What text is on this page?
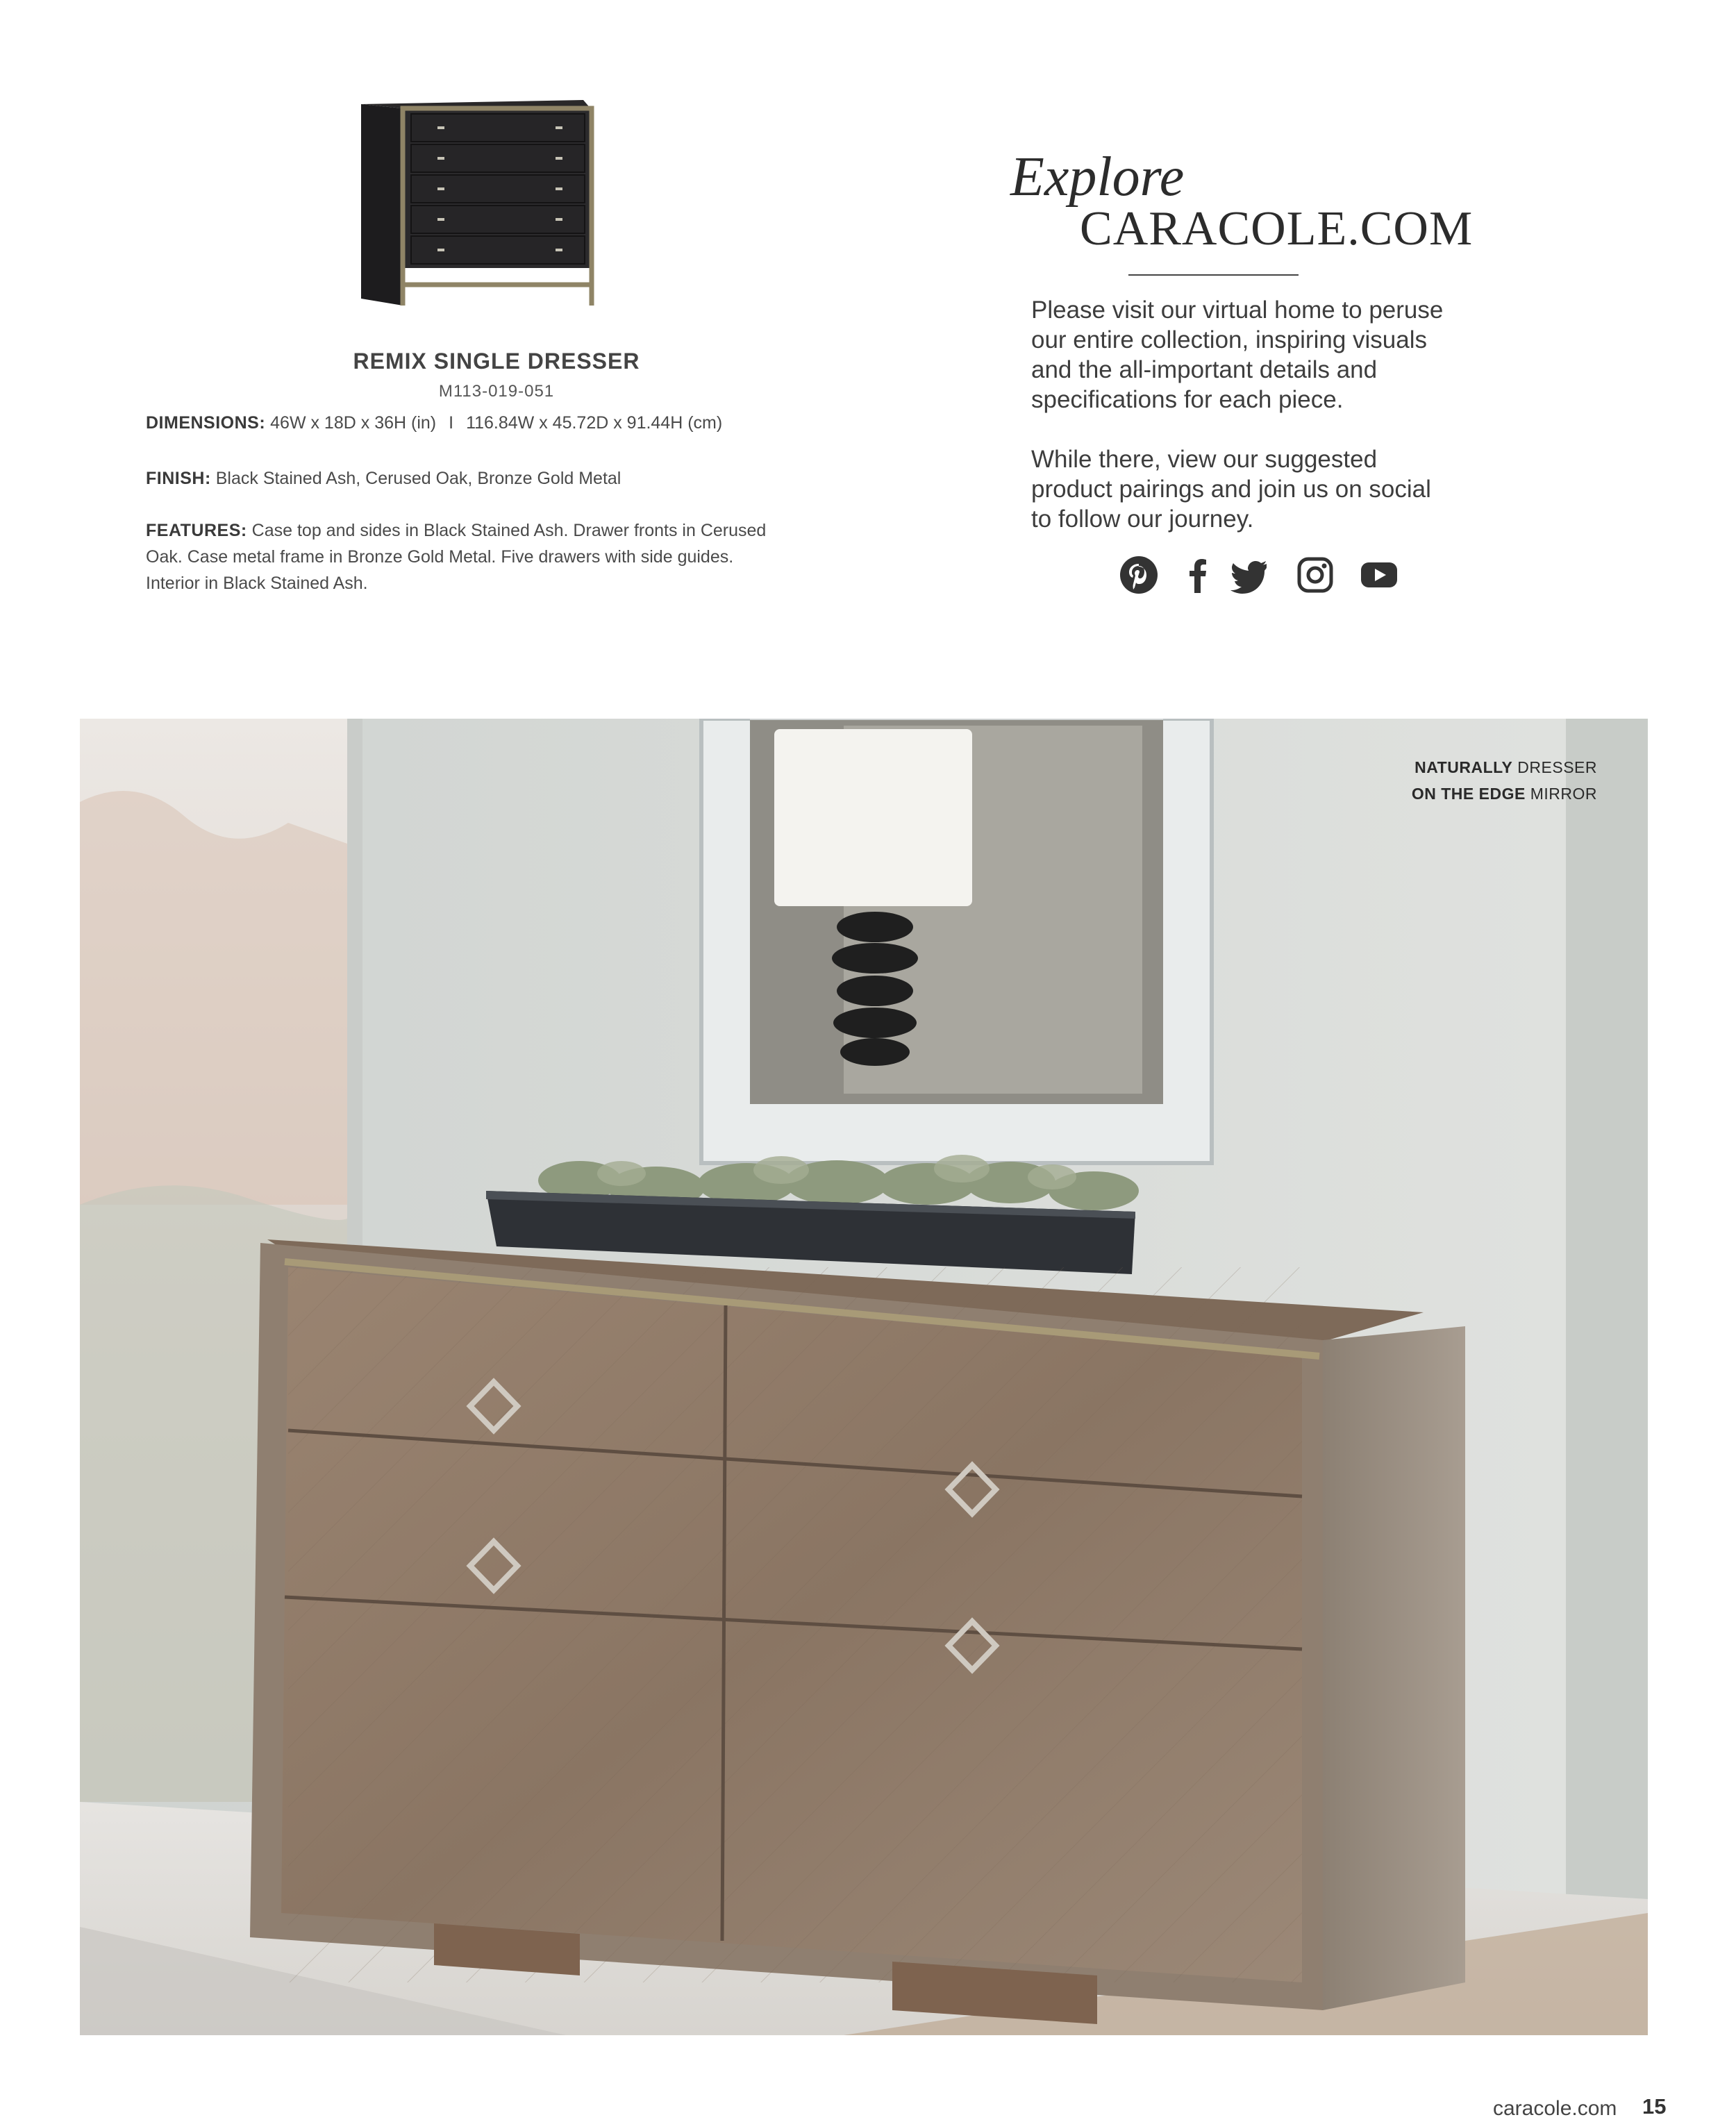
REMIX SINGLE DRESSER
M113-019-051
DIMENSIONS: 46W x 18D x 36H (in) I 116.84W x 45.72D x 91.44H (cm)
FINISH: Black Stained Ash, Cerused Oak, Bronze Gold Metal
FEATURES: Case top and sides in Black Stained Ash. Drawer fronts in Cerused
Oak. Case metal frame in Bronze Gold Metal. Five drawers with side guides.
Interior in Black Stained Ash.
Explore
CARACOLE.COM
Please visit our virtual home to peruse
our entire collection, inspiring visuals
and the all-important details and
specifications for each piece.
While there, view our suggested
product pairings and join us on social
to follow our journey.
NATURALLY DRESSER
ON THE EDGE MIRROR
caracole.com 15
